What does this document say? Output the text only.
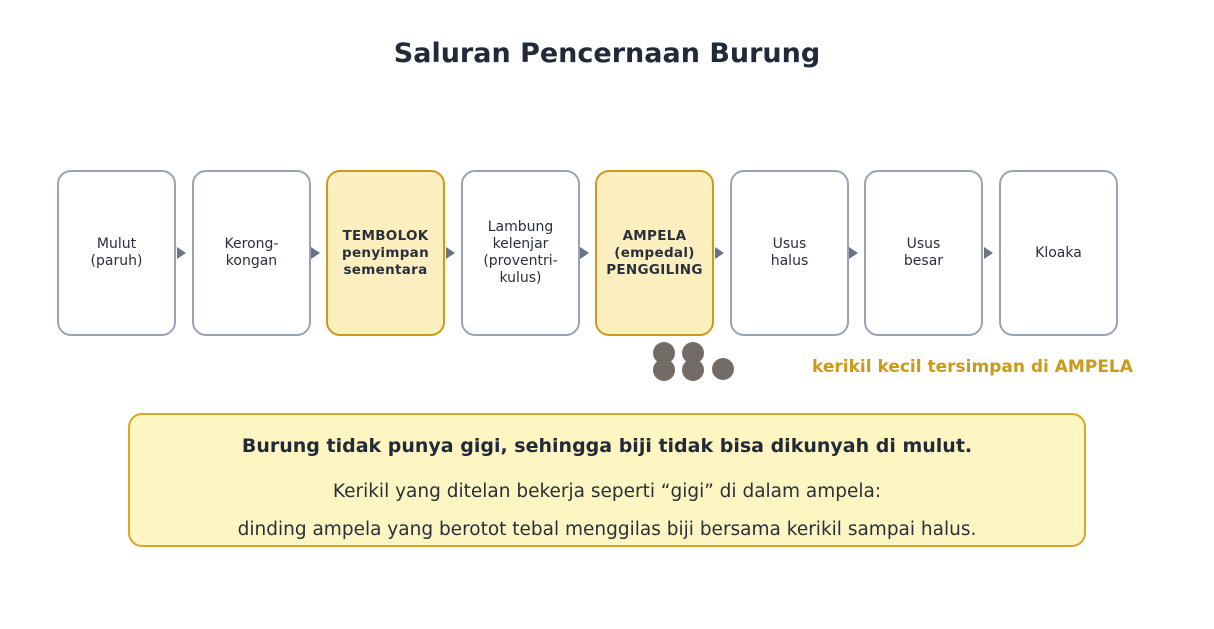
Saluran Pencernaan Burung
Mulut
(paruh)
Kerong-
kongan
TEMBOLOK
penyimpan
sementara
Lambung
kelenjar
(proventri-
kulus)
AMPELA
(empedal)
PENGGILING
Usus
halus
Usus
besar
Kloaka
kerikil kecil tersimpan di AMPELA
Burung tidak punya gigi, sehingga biji tidak bisa dikunyah di mulut.
Kerikil yang ditelan bekerja seperti “gigi” di dalam ampela:
dinding ampela yang berotot tebal menggilas biji bersama kerikil sampai halus.
